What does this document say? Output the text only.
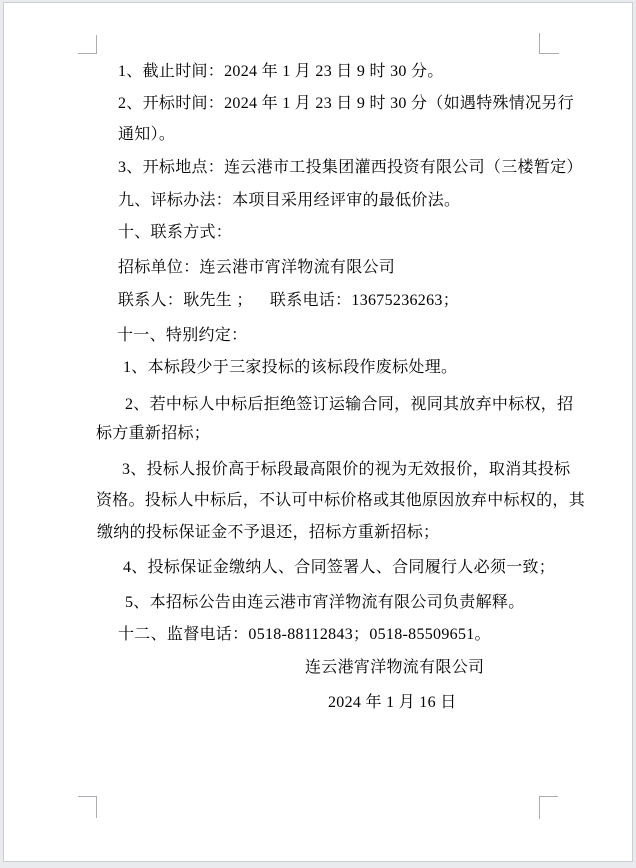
1、截止时间：2024 年 1 月 23 日 9 时 30 分。
2、开标时间：2024 年 1 月 23 日 9 时 30 分（如遇特殊情况另行
通知）。
3、开标地点：连云港市工投集团灌西投资有限公司（三楼暂定）
九、评标办法：本项目采用经评审的最低价法。
十、联系方式：
招标单位：连云港市宵洋物流有限公司
联系人：耿先生 ；    联系电话：13675236263；
十一、特别约定：
1、本标段少于三家投标的该标段作废标处理。
2、若中标人中标后拒绝签订运输合同，视同其放弃中标权，招
标方重新招标；
3、投标人报价高于标段最高限价的视为无效报价，取消其投标
资格。投标人中标后，不认可中标价格或其他原因放弃中标权的，其
缴纳的投标保证金不予退还，招标方重新招标；
4、投标保证金缴纳人、合同签署人、合同履行人必须一致；
5、本招标公告由连云港市宵洋物流有限公司负责解释。
十二、监督电话：0518-88112843；0518-85509651。
连云港宵洋物流有限公司
2024 年 1 月 16 日
